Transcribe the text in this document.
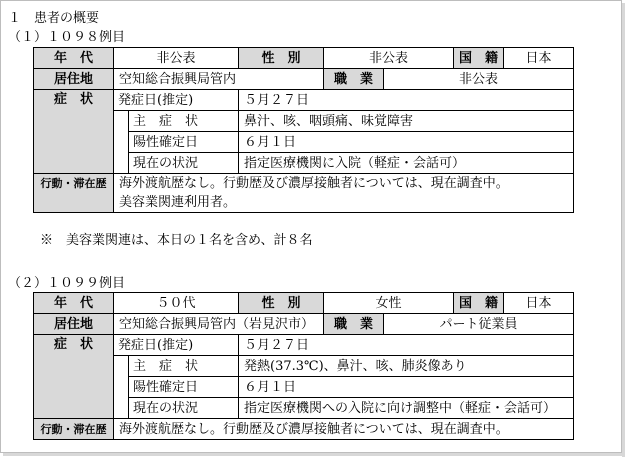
１　患者の概要
（１）１０９８例目
年　代	非公表		性　別	非公表		国　籍	日本
居住地	空知総合振興局管内			職　業	非公表		
症　状	発症日(推定)		５月２７日				
		主　症　状	鼻汁、咳、咽頭痛、味覚障害				
		陽性確定日	６月１日				
		現在の状況	指定医療機関に入院（軽症・会話可）				
行動・滞在歴	海外渡航歴なし。行動歴及び濃厚接触者については、現在調査中。
美容業関連利用者。						
※　美容業関連は、本日の１名を含め、計８名
（２）１０９９例目
年　代	５０代		性　別	女性		国　籍	日本
居住地	空知総合振興局管内（岩見沢市）			職　業	パート従業員		
症　状	発症日(推定)		５月２７日				
		主　症　状	発熱(37.3℃)、鼻汁、咳、肺炎像あり				
		陽性確定日	６月１日				
		現在の状況	指定医療機関への入院に向け調整中（軽症・会話可）				
行動・滞在歴	海外渡航歴なし。行動歴及び濃厚接触者については、現在調査中。						
